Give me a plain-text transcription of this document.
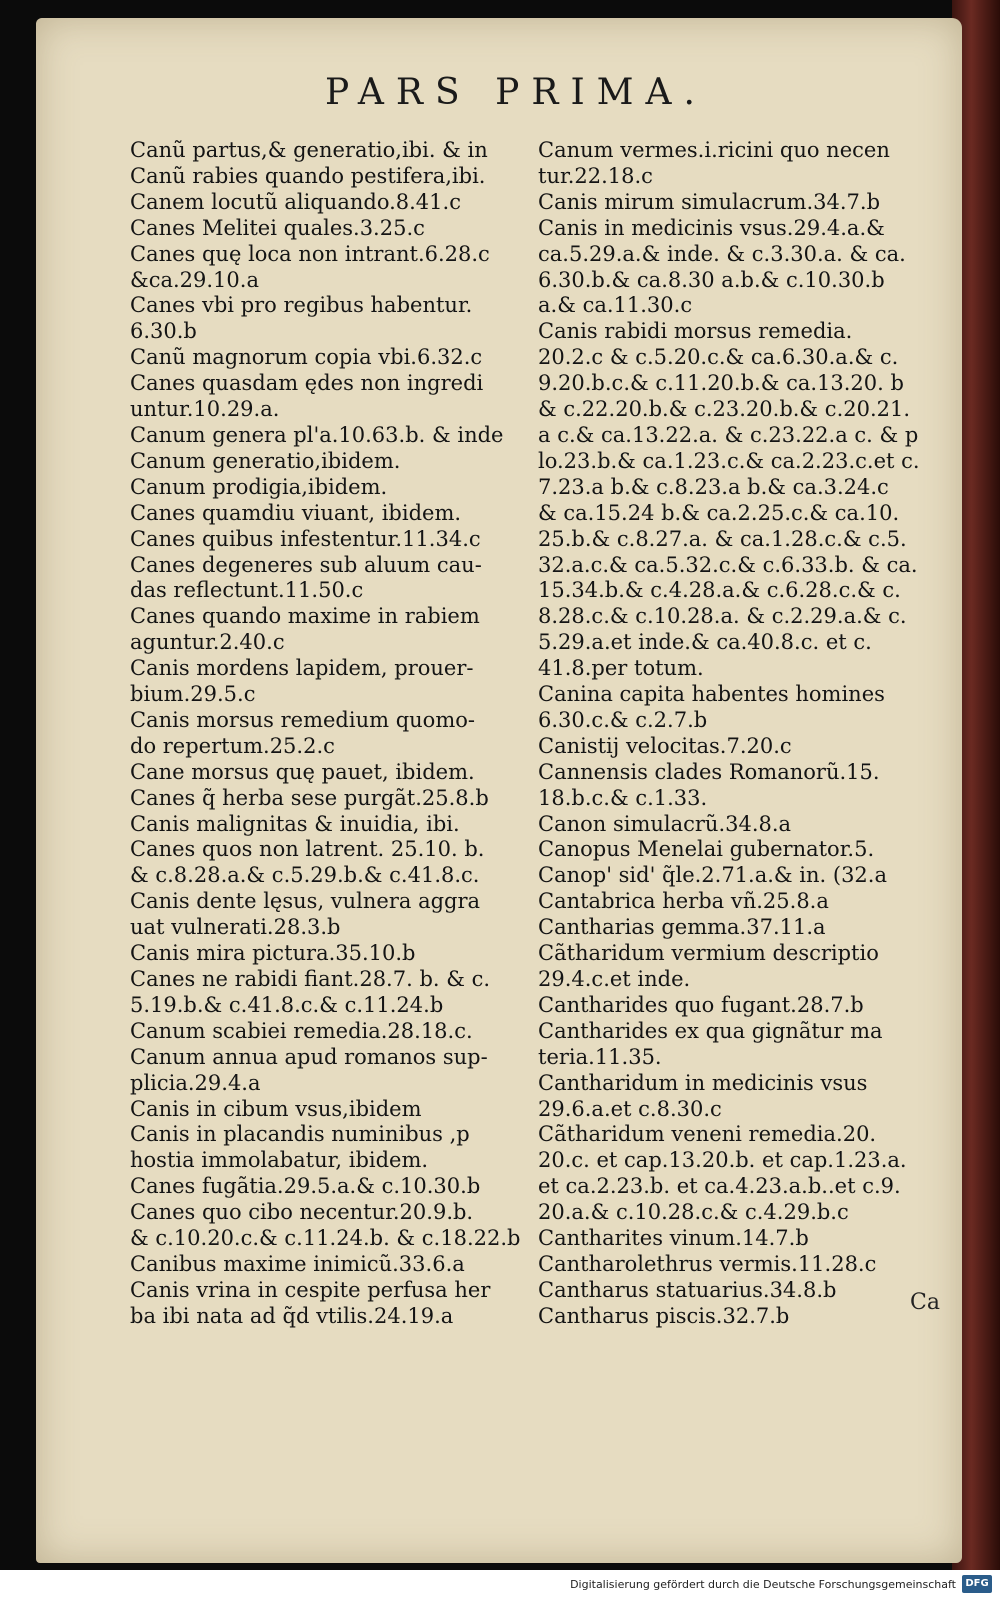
PARS PRIMA.

Canũ partus,& generatio,ibi. & in

Canũ rabies quando pestifera,ibi.

Canem locutũ aliquando.8.41.c

Canes Melitei quales.3.25.c

Canes quę loca non intrant.6.28.c

&ca.29.10.a

Canes vbi pro regibus habentur.

6.30.b

Canũ magnorum copia vbi.6.32.c

Canes quasdam ędes non ingredi

untur.10.29.a.

Canum genera pl'a.10.63.b. & inde

Canum generatio,ibidem.

Canum prodigia,ibidem.

Canes quamdiu viuant, ibidem.

Canes quibus infestentur.11.34.c

Canes degeneres sub aluum cau-

das reflectunt.11.50.c

Canes quando maxime in rabiem

aguntur.2.40.c

Canis mordens lapidem, prouer-

bium.29.5.c

Canis morsus remedium quomo-

do repertum.25.2.c

Cane morsus quę pauet, ibidem.

Canes q̃ herba sese purgãt.25.8.b

Canis malignitas & inuidia, ibi.

Canes quos non latrent. 25.10. b.

& c.8.28.a.& c.5.29.b.& c.41.8.c.

Canis dente lęsus, vulnera aggra

uat vulnerati.28.3.b

Canis mira pictura.35.10.b

Canes ne rabidi fiant.28.7. b. & c.

5.19.b.& c.41.8.c.& c.11.24.b

Canum scabiei remedia.28.18.c.

Canum annua apud romanos sup-

plicia.29.4.a

Canis in cibum vsus,ibidem

Canis in placandis numinibus ,p

hostia immolabatur, ibidem.

Canes fugãtia.29.5.a.& c.10.30.b

Canes quo cibo necentur.20.9.b.

& c.10.20.c.& c.11.24.b. & c.18.22.b

Canibus maxime inimicũ.33.6.a

Canis vrina in cespite perfusa her

ba ibi nata ad q̃d vtilis.24.19.a

Canum vermes.i.ricini quo necen

tur.22.18.c

Canis mirum simulacrum.34.7.b

Canis in medicinis vsus.29.4.a.&

ca.5.29.a.& inde. & c.3.30.a. & ca.

6.30.b.& ca.8.30 a.b.& c.10.30.b

a.& ca.11.30.c

Canis rabidi morsus remedia.

20.2.c & c.5.20.c.& ca.6.30.a.& c.

9.20.b.c.& c.11.20.b.& ca.13.20. b

& c.22.20.b.& c.23.20.b.& c.20.21.

a c.& ca.13.22.a. & c.23.22.a c. & p

lo.23.b.& ca.1.23.c.& ca.2.23.c.et c.

7.23.a b.& c.8.23.a b.& ca.3.24.c

& ca.15.24 b.& ca.2.25.c.& ca.10.

25.b.& c.8.27.a. & ca.1.28.c.& c.5.

32.a.c.& ca.5.32.c.& c.6.33.b. & ca.

15.34.b.& c.4.28.a.& c.6.28.c.& c.

8.28.c.& c.10.28.a. & c.2.29.a.& c.

5.29.a.et inde.& ca.40.8.c. et c.

41.8.per totum.

Canina capita habentes homines

6.30.c.& c.2.7.b

Canistij velocitas.7.20.c

Cannensis clades Romanorũ.15.

18.b.c.& c.1.33.

Canon simulacrũ.34.8.a

Canopus Menelai gubernator.5.

Canop' sid' q̃le.2.71.a.& in. (32.a

Cantabrica herba vñ.25.8.a

Cantharias gemma.37.11.a

Cãtharidum vermium descriptio

29.4.c.et inde.

Cantharides quo fugant.28.7.b

Cantharides ex qua gignãtur ma

teria.11.35.

Cantharidum in medicinis vsus

29.6.a.et c.8.30.c

Cãtharidum veneni remedia.20.

20.c. et cap.13.20.b. et cap.1.23.a.

et ca.2.23.b. et ca.4.23.a.b..et c.9.

20.a.& c.10.28.c.& c.4.29.b.c

Cantharites vinum.14.7.b

Cantharolethrus vermis.11.28.c

Cantharus statuarius.34.8.b

Cantharus piscis.32.7.b

Ca
Digitalisierung gefördert durch die Deutsche Forschungsgemeinschaft DFG
